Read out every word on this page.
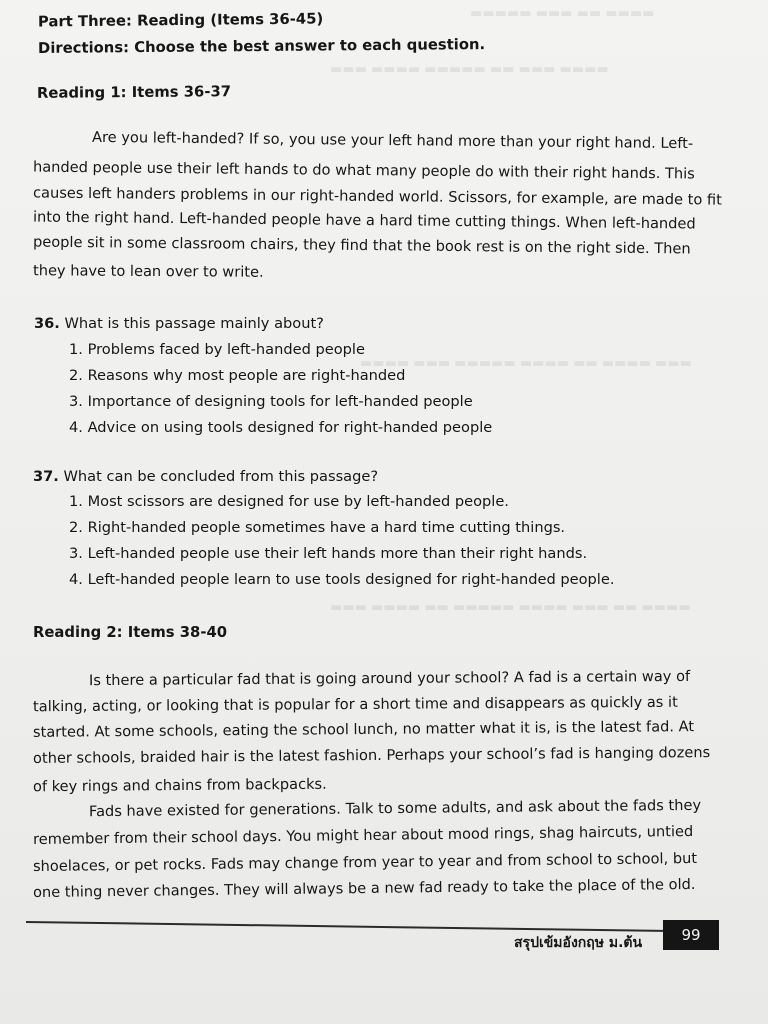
▬▬▬▬ ▬▬ ▬▬▬ ▬▬▬▬▬
▬▬▬▬ ▬▬▬ ▬▬ ▬▬▬▬▬ ▬▬▬▬ ▬▬▬
▬▬▬ ▬▬▬▬ ▬▬ ▬▬▬▬ ▬▬▬▬▬ ▬▬▬ ▬▬▬▬
▬▬▬▬ ▬▬ ▬▬▬ ▬▬▬▬ ▬▬▬▬▬ ▬▬ ▬▬▬▬ ▬▬▬
Part Three: Reading (Items 36-45)
Directions: Choose the best answer to each question.
Reading 1: Items 36-37
Are you left-handed? If so, you use your left hand more than your right hand. Left-
handed people use their left hands to do what many people do with their right hands. This
causes left handers problems in our right-handed world. Scissors, for example, are made to fit
into the right hand. Left-handed people have a hard time cutting things. When left-handed
people sit in some classroom chairs, they find that the book rest is on the right side. Then
they have to lean over to write.
36. What is this passage mainly about?
1. Problems faced by left-handed people
2. Reasons why most people are right-handed
3. Importance of designing tools for left-handed people
4. Advice on using tools designed for right-handed people
37. What can be concluded from this passage?
1. Most scissors are designed for use by left-handed people.
2. Right-handed people sometimes have a hard time cutting things.
3. Left-handed people use their left hands more than their right hands.
4. Left-handed people learn to use tools designed for right-handed people.
Reading 2: Items 38-40
Is there a particular fad that is going around your school? A fad is a certain way of
talking, acting, or looking that is popular for a short time and disappears as quickly as it
started. At some schools, eating the school lunch, no matter what it is, is the latest fad. At
other schools, braided hair is the latest fashion. Perhaps your school’s fad is hanging dozens
of key rings and chains from backpacks.
Fads have existed for generations. Talk to some adults, and ask about the fads they
remember from their school days. You might hear about mood rings, shag haircuts, untied
shoelaces, or pet rocks. Fads may change from year to year and from school to school, but
one thing never changes. They will always be a new fad ready to take the place of the old.
สรุปเข้มอังกฤษ ม.ต้น	99
